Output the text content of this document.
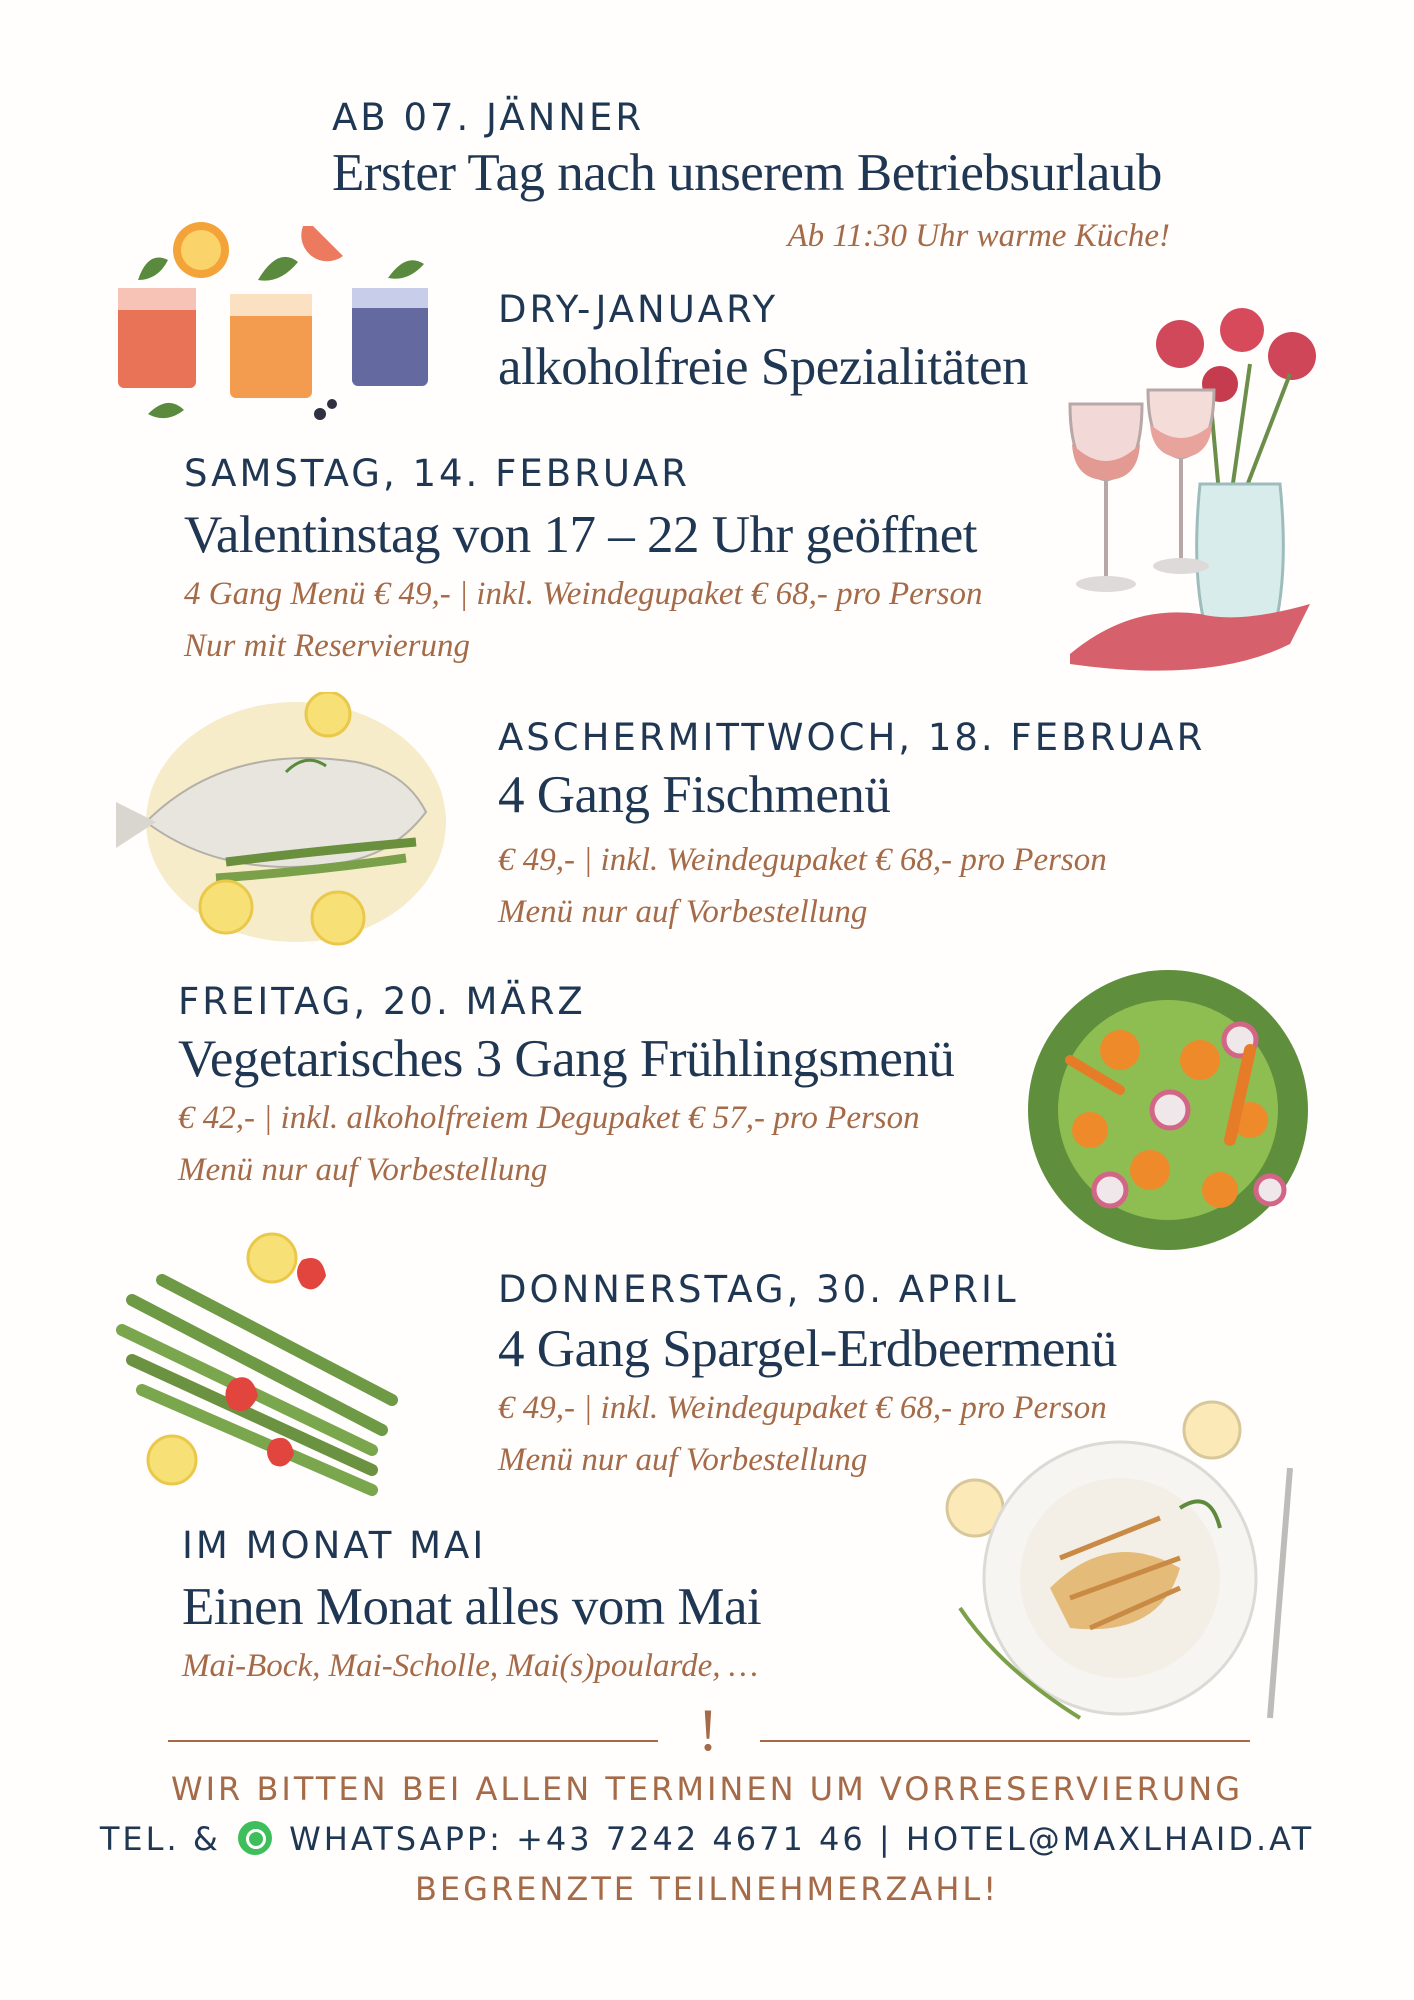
AB 07. JÄNNER
Erster Tag nach unserem Betriebsurlaub
Ab 11:30 Uhr warme Küche!
DRY-JANUARY
alkoholfreie Spezialitäten
SAMSTAG, 14. FEBRUAR
Valentinstag von 17 – 22 Uhr geöffnet
4 Gang Menü € 49,- | inkl. Weindegupaket € 68,- pro Person
Nur mit Reservierung
ASCHERMITTWOCH, 18. FEBRUAR
4 Gang Fischmenü
€ 49,- | inkl. Weindegupaket € 68,- pro Person
Menü nur auf Vorbestellung
FREITAG, 20. MÄRZ
Vegetarisches 3 Gang Frühlingsmenü
€ 42,- | inkl. alkoholfreiem Degupaket € 57,- pro Person
Menü nur auf Vorbestellung
DONNERSTAG, 30. APRIL
4 Gang Spargel-Erdbeermenü
€ 49,- | inkl. Weindegupaket € 68,- pro Person
Menü nur auf Vorbestellung
IM MONAT MAI
Einen Monat alles vom Mai
Mai-Bock, Mai-Scholle, Mai(s)poularde, …
!
WIR BITTEN BEI ALLEN TERMINEN UM VORRESERVIERUNG
TEL. & WHATSAPP: +43 7242 4671 46 | HOTEL@MAXLHAID.AT
BEGRENZTE TEILNEHMERZAHL!
